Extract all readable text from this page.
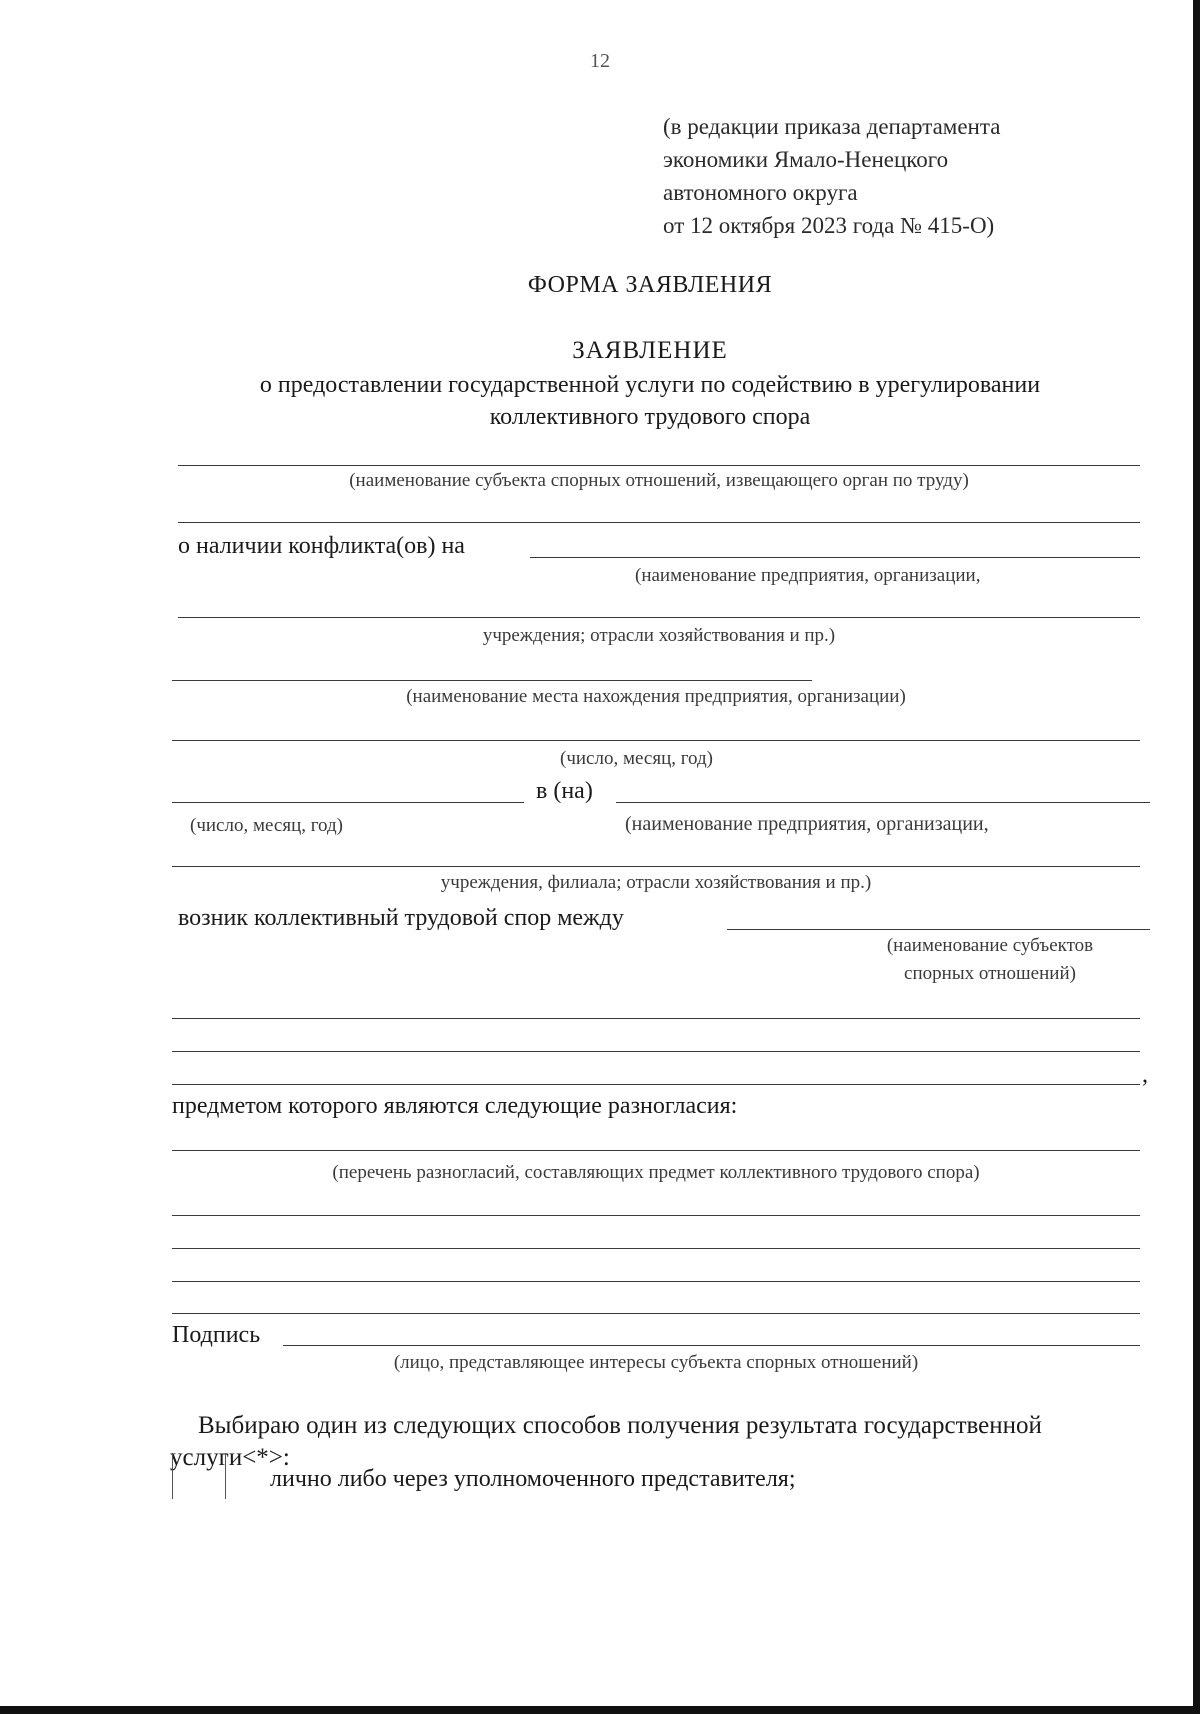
12
(в редакции приказа департамента
экономики Ямало-Ненецкого
автономного округа
от 12 октября 2023 года № 415-О)
ФОРМА ЗАЯВЛЕНИЯ
ЗАЯВЛЕНИЕ
о предоставлении государственной услуги по содействию в урегулировании
коллективного трудового спора
(наименование субъекта спорных отношений, извещающего орган по труду)
о наличии конфликта(ов) на
(наименование предприятия, организации,
учреждения; отрасли хозяйствования и пр.)
(наименование места нахождения предприятия, организации)
(число, месяц, год)
в (на)
(число, месяц, год)	(наименование предприятия, организации,
учреждения, филиала; отрасли хозяйствования и пр.)
возник коллективный трудовой спор между
(наименование субъектов
спорных отношений)
,
предметом которого являются следующие разногласия:
(перечень разногласий, составляющих предмет коллективного трудового спора)
Подпись
(лицо, представляющее интересы субъекта спорных отношений)
Выбираю один из следующих способов получения результата государственной
услуги<*>:
лично либо через уполномоченного представителя;
